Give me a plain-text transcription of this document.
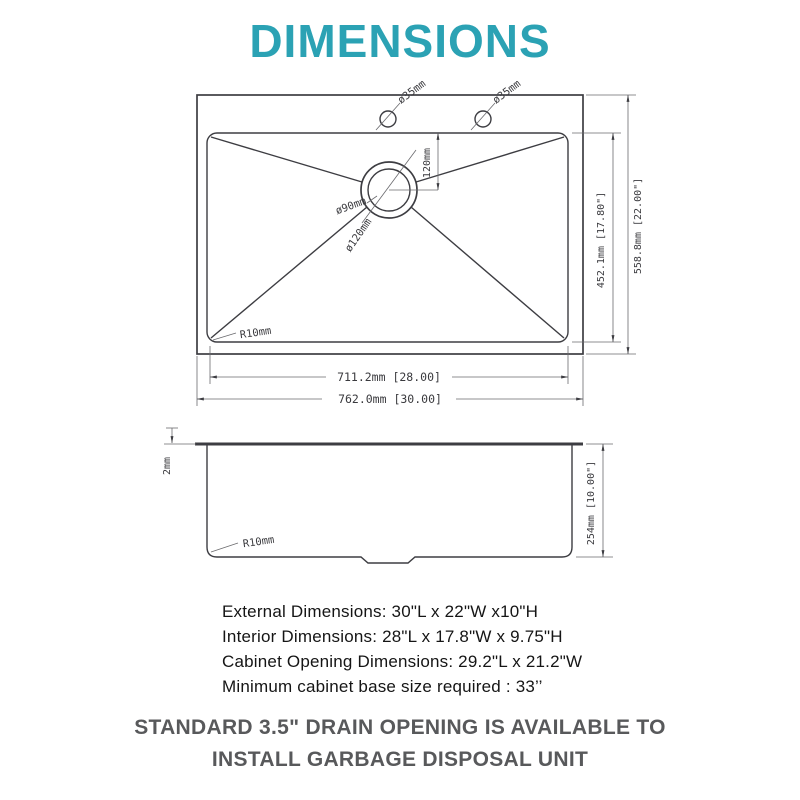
DIMENSIONS
ø35mm	ø35mm
ø90mm
ø120mm
120mm
R10mm
452.1mm [17.80"]	558.8mm [22.00"]
711.2mm [28.00]
762.0mm [30.00]
2mm
R10mm	254mm [10.00"]
External Dimensions: 30"L x 22"W x10"H
Interior Dimensions: 28"L x 17.8"W x 9.75"H
Cabinet Opening Dimensions: 29.2"L x 21.2"W
Minimum cabinet base size required : 33’’
STANDARD 3.5" DRAIN OPENING IS AVAILABLE TO
INSTALL GARBAGE DISPOSAL UNIT
